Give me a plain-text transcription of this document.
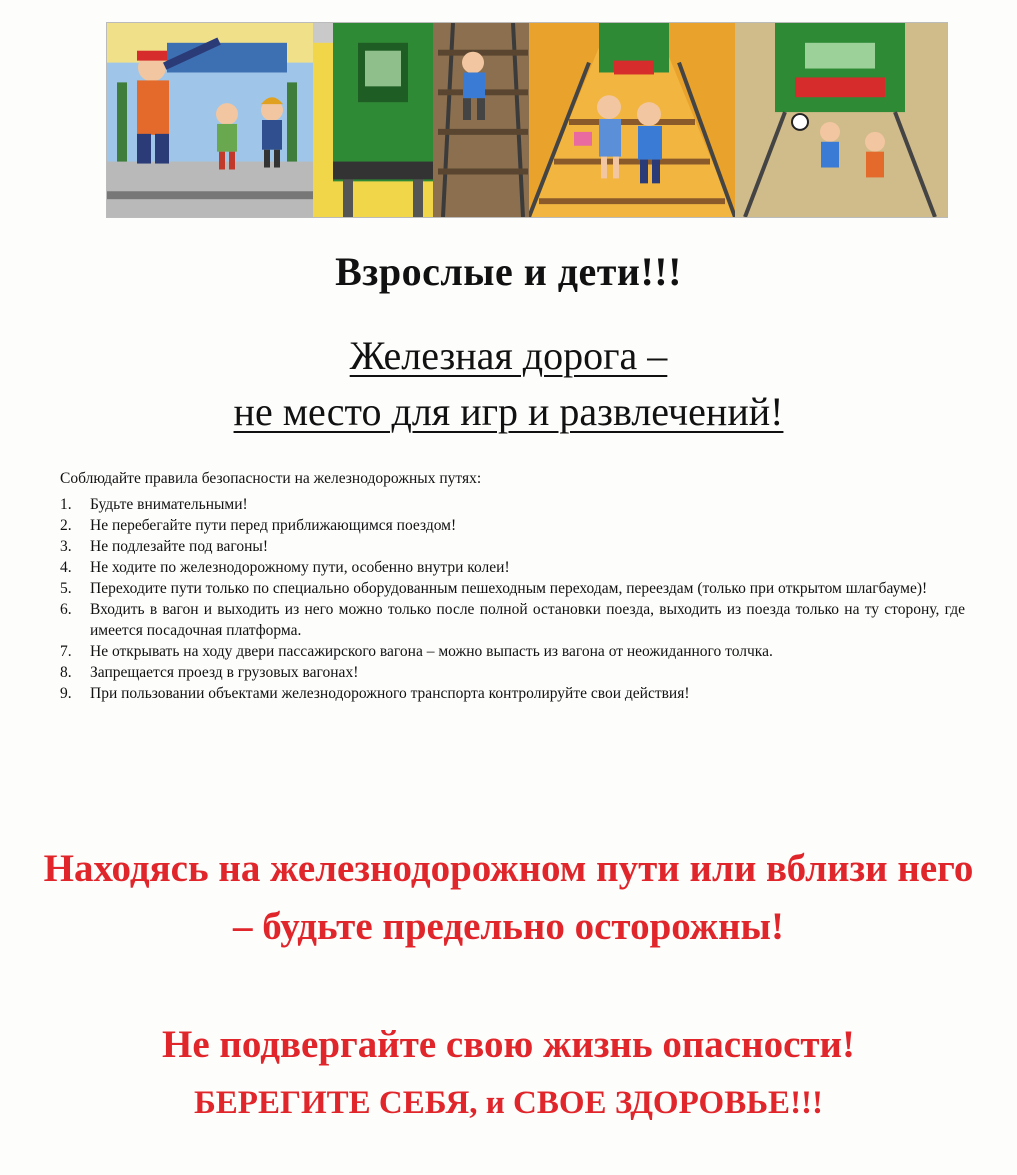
Взрослые и дети!!!
Железная дорога –
не место для игр и развлечений!
Соблюдайте правила безопасности на железнодорожных путях:
1. Будьте внимательными!
2. Не перебегайте пути перед приближающимся поездом!
3. Не подлезайте под вагоны!
4. Не ходите по железнодорожному пути, особенно внутри колеи!
5. Переходите пути только по специально оборудованным пешеходным переходам, переездам (только при открытом шлагбауме)!
6. Входить в вагон и выходить из него можно только после полной остановки поезда, выходить из поезда только на ту сторону, где имеется посадочная платформа.
7. Не открывать на ходу двери пассажирского вагона – можно выпасть из вагона от неожиданного толчка.
8. Запрещается проезд в грузовых вагонах!
9. При пользовании объектами железнодорожного транспорта контролируйте свои действия!
Находясь на железнодорожном пути или вблизи него – будьте предельно осторожны!
Не подвергайте свою жизнь опасности!
БЕРЕГИТЕ СЕБЯ, и СВОЕ ЗДОРОВЬЕ!!!
